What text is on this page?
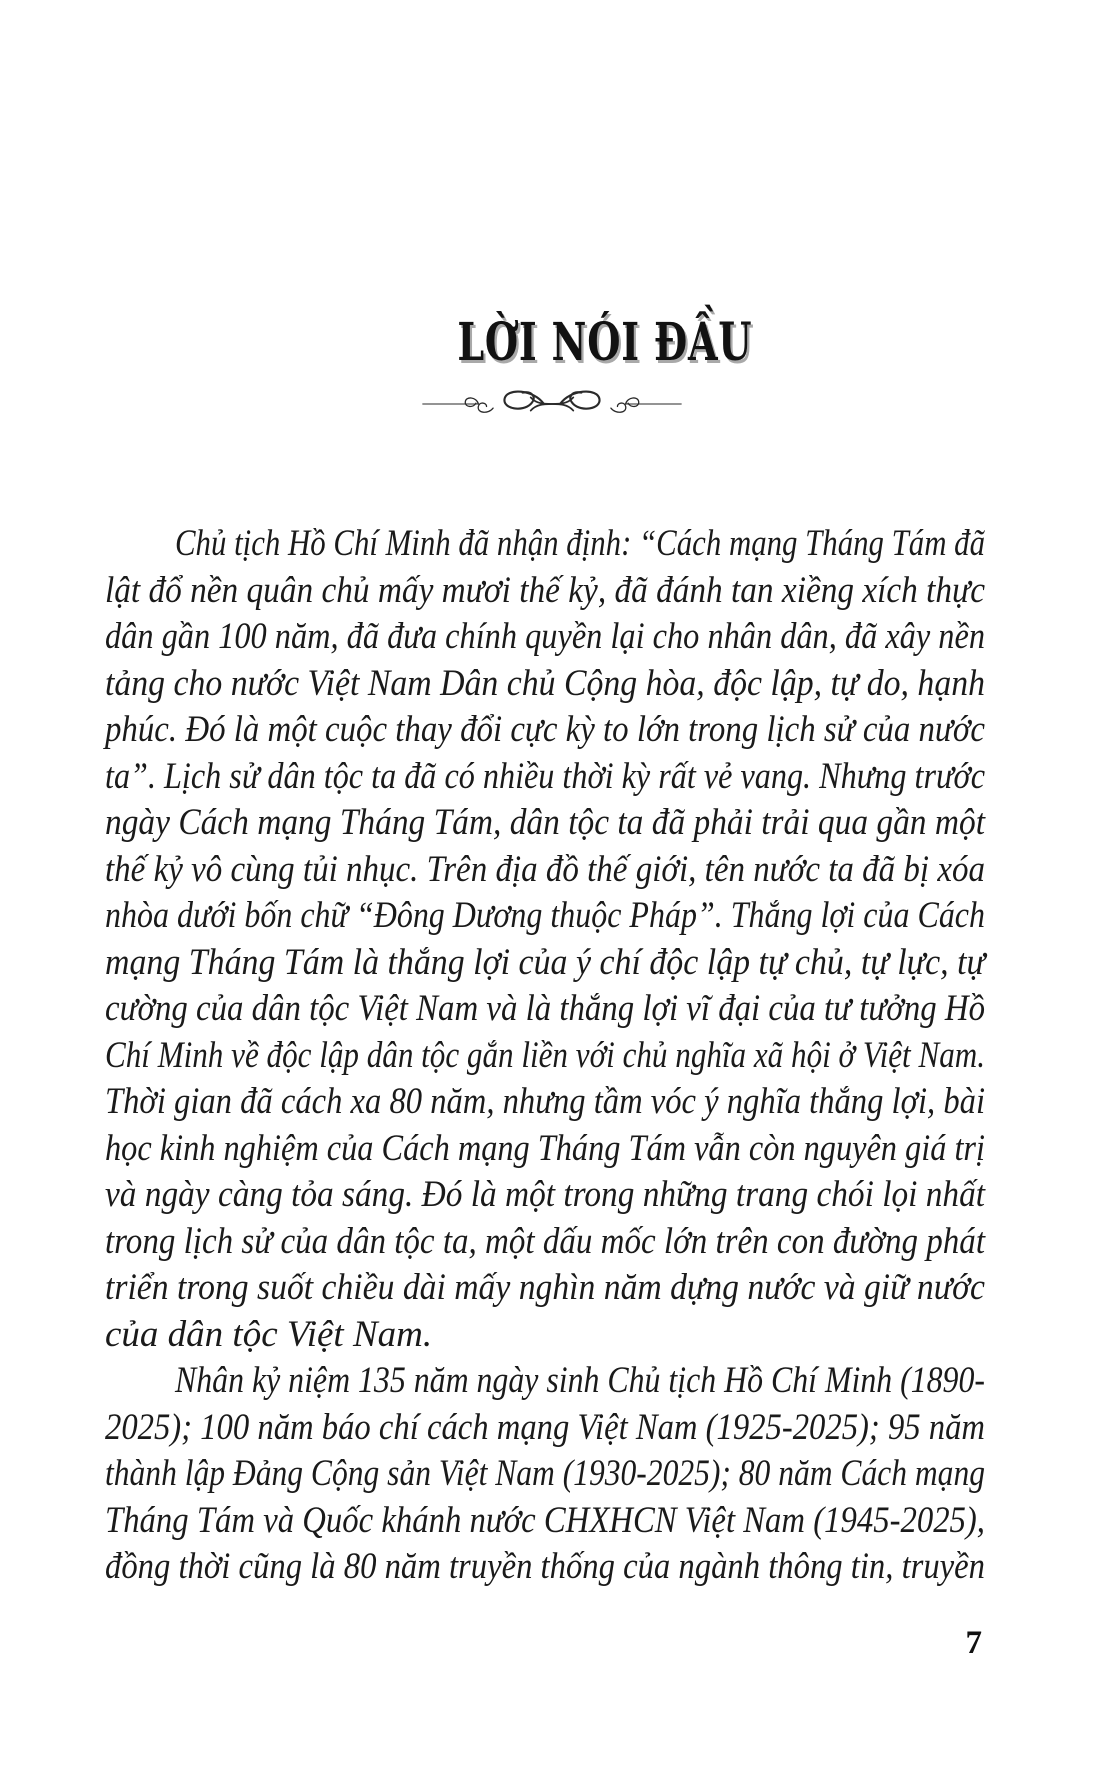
LỜI NÓI ĐẦU
Chủ tịch Hồ Chí Minh đã nhận định: “Cách mạng Tháng Tám đã
lật đổ nền quân chủ mấy mươi thế kỷ, đã đánh tan xiềng xích thực
dân gần 100 năm, đã đưa chính quyền lại cho nhân dân, đã xây nền
tảng cho nước Việt Nam Dân chủ Cộng hòa, độc lập, tự do, hạnh
phúc. Đó là một cuộc thay đổi cực kỳ to lớn trong lịch sử của nước
ta”. Lịch sử dân tộc ta đã có nhiều thời kỳ rất vẻ vang. Nhưng trước
ngày Cách mạng Tháng Tám, dân tộc ta đã phải trải qua gần một
thế kỷ vô cùng tủi nhục. Trên địa đồ thế giới, tên nước ta đã bị xóa
nhòa dưới bốn chữ “Đông Dương thuộc Pháp”. Thắng lợi của Cách
mạng Tháng Tám là thắng lợi của ý chí độc lập tự chủ, tự lực, tự
cường của dân tộc Việt Nam và là thắng lợi vĩ đại của tư tưởng Hồ
Chí Minh về độc lập dân tộc gắn liền với chủ nghĩa xã hội ở Việt Nam.
Thời gian đã cách xa 80 năm, nhưng tầm vóc ý nghĩa thắng lợi, bài
học kinh nghiệm của Cách mạng Tháng Tám vẫn còn nguyên giá trị
và ngày càng tỏa sáng. Đó là một trong những trang chói lọi nhất
trong lịch sử của dân tộc ta, một dấu mốc lớn trên con đường phát
triển trong suốt chiều dài mấy nghìn năm dựng nước và giữ nước
của dân tộc Việt Nam.
Nhân kỷ niệm 135 năm ngày sinh Chủ tịch Hồ Chí Minh (1890-
2025); 100 năm báo chí cách mạng Việt Nam (1925-2025); 95 năm
thành lập Đảng Cộng sản Việt Nam (1930-2025); 80 năm Cách mạng
Tháng Tám và Quốc khánh nước CHXHCN Việt Nam (1945-2025),
đồng thời cũng là 80 năm truyền thống của ngành thông tin, truyền
7
